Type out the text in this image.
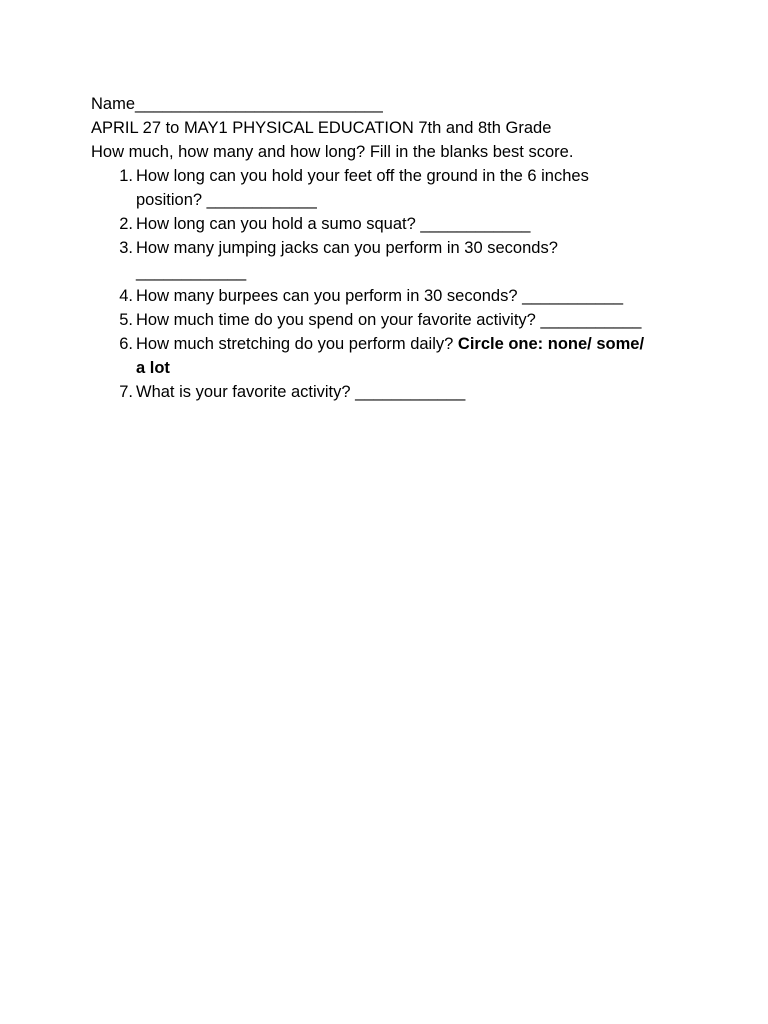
Name___________________________

APRIL 27 to MAY1 PHYSICAL EDUCATION 7th and 8th Grade

How much, how many and how long? Fill in the blanks best score.

1. How long can you hold your feet off the ground in the 6 inches
position? ____________
2. How long can you hold a sumo squat? ____________
3. How many jumping jacks can you perform in 30 seconds?
____________
4. How many burpees can you perform in 30 seconds? ___________
5. How much time do you spend on your favorite activity? ___________
6. How much stretching do you perform daily? Circle one: none/ some/
a lot
7. What is your favorite activity? ____________
